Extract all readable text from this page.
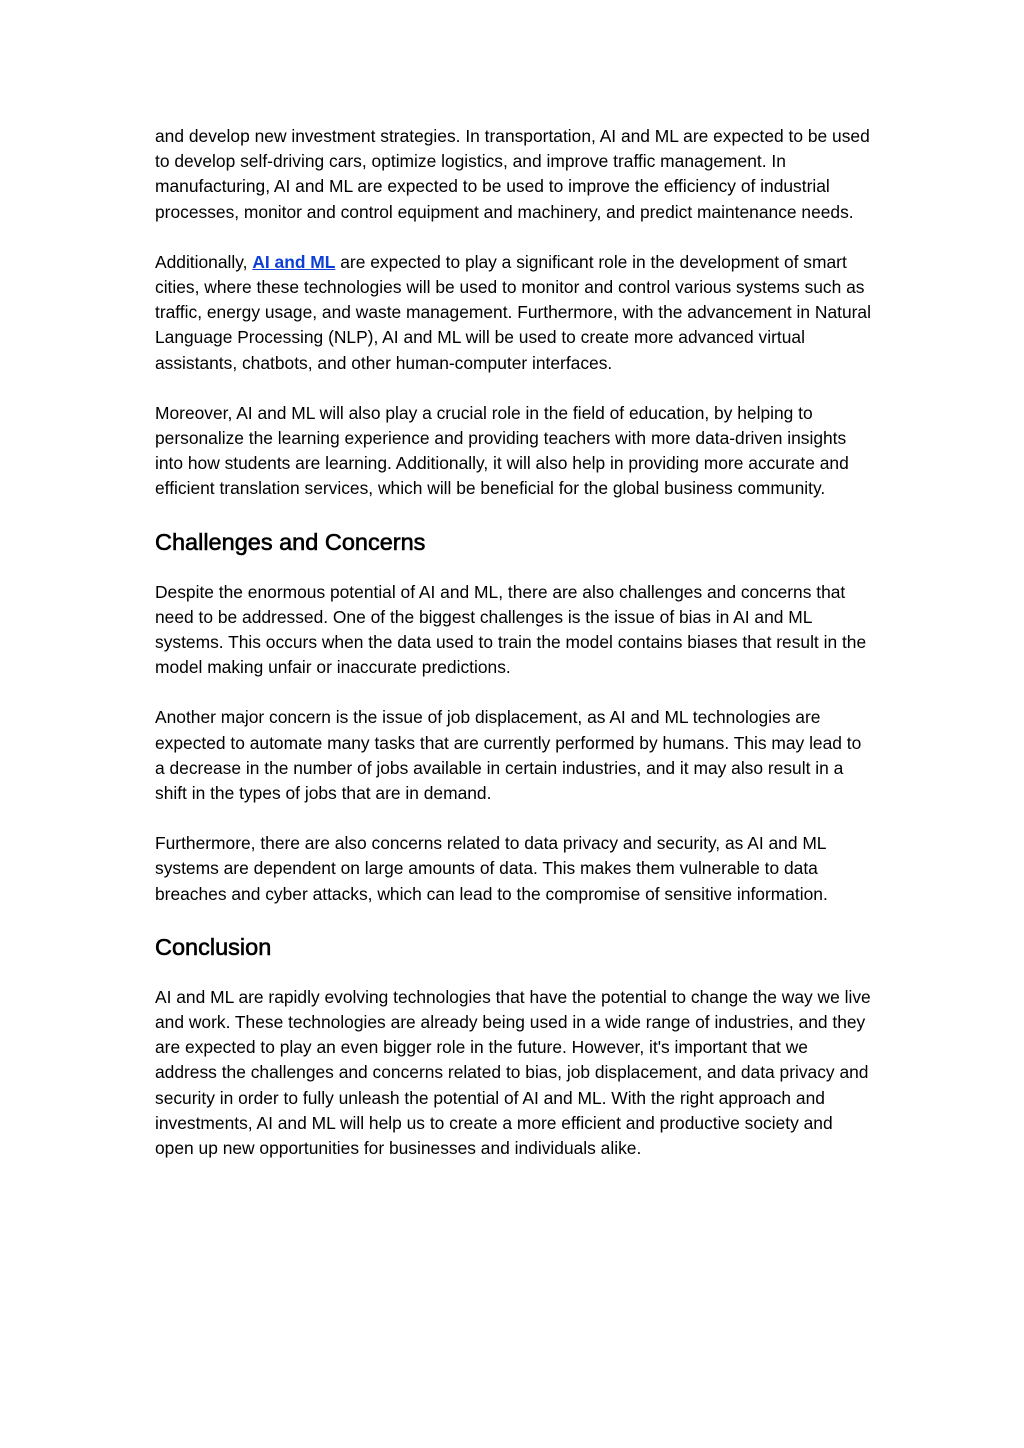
and develop new investment strategies. In transportation, AI and ML are expected to be used to develop self-driving cars, optimize logistics, and improve traffic management. In manufacturing, AI and ML are expected to be used to improve the efficiency of industrial processes, monitor and control equipment and machinery, and predict maintenance needs.

Additionally, AI and ML are expected to play a significant role in the development of smart cities, where these technologies will be used to monitor and control various systems such as traffic, energy usage, and waste management. Furthermore, with the advancement in Natural Language Processing (NLP), AI and ML will be used to create more advanced virtual assistants, chatbots, and other human-computer interfaces.

Moreover, AI and ML will also play a crucial role in the field of education, by helping to personalize the learning experience and providing teachers with more data-driven insights into how students are learning. Additionally, it will also help in providing more accurate and efficient translation services, which will be beneficial for the global business community.

Challenges and Concerns

Despite the enormous potential of AI and ML, there are also challenges and concerns that need to be addressed. One of the biggest challenges is the issue of bias in AI and ML systems. This occurs when the data used to train the model contains biases that result in the model making unfair or inaccurate predictions.

Another major concern is the issue of job displacement, as AI and ML technologies are expected to automate many tasks that are currently performed by humans. This may lead to a decrease in the number of jobs available in certain industries, and it may also result in a shift in the types of jobs that are in demand.

Furthermore, there are also concerns related to data privacy and security, as AI and ML systems are dependent on large amounts of data. This makes them vulnerable to data breaches and cyber attacks, which can lead to the compromise of sensitive information.

Conclusion

AI and ML are rapidly evolving technologies that have the potential to change the way we live and work. These technologies are already being used in a wide range of industries, and they are expected to play an even bigger role in the future. However, it's important that we address the challenges and concerns related to bias, job displacement, and data privacy and security in order to fully unleash the potential of AI and ML. With the right approach and investments, AI and ML will help us to create a more efficient and productive society and open up new opportunities for businesses and individuals alike.
